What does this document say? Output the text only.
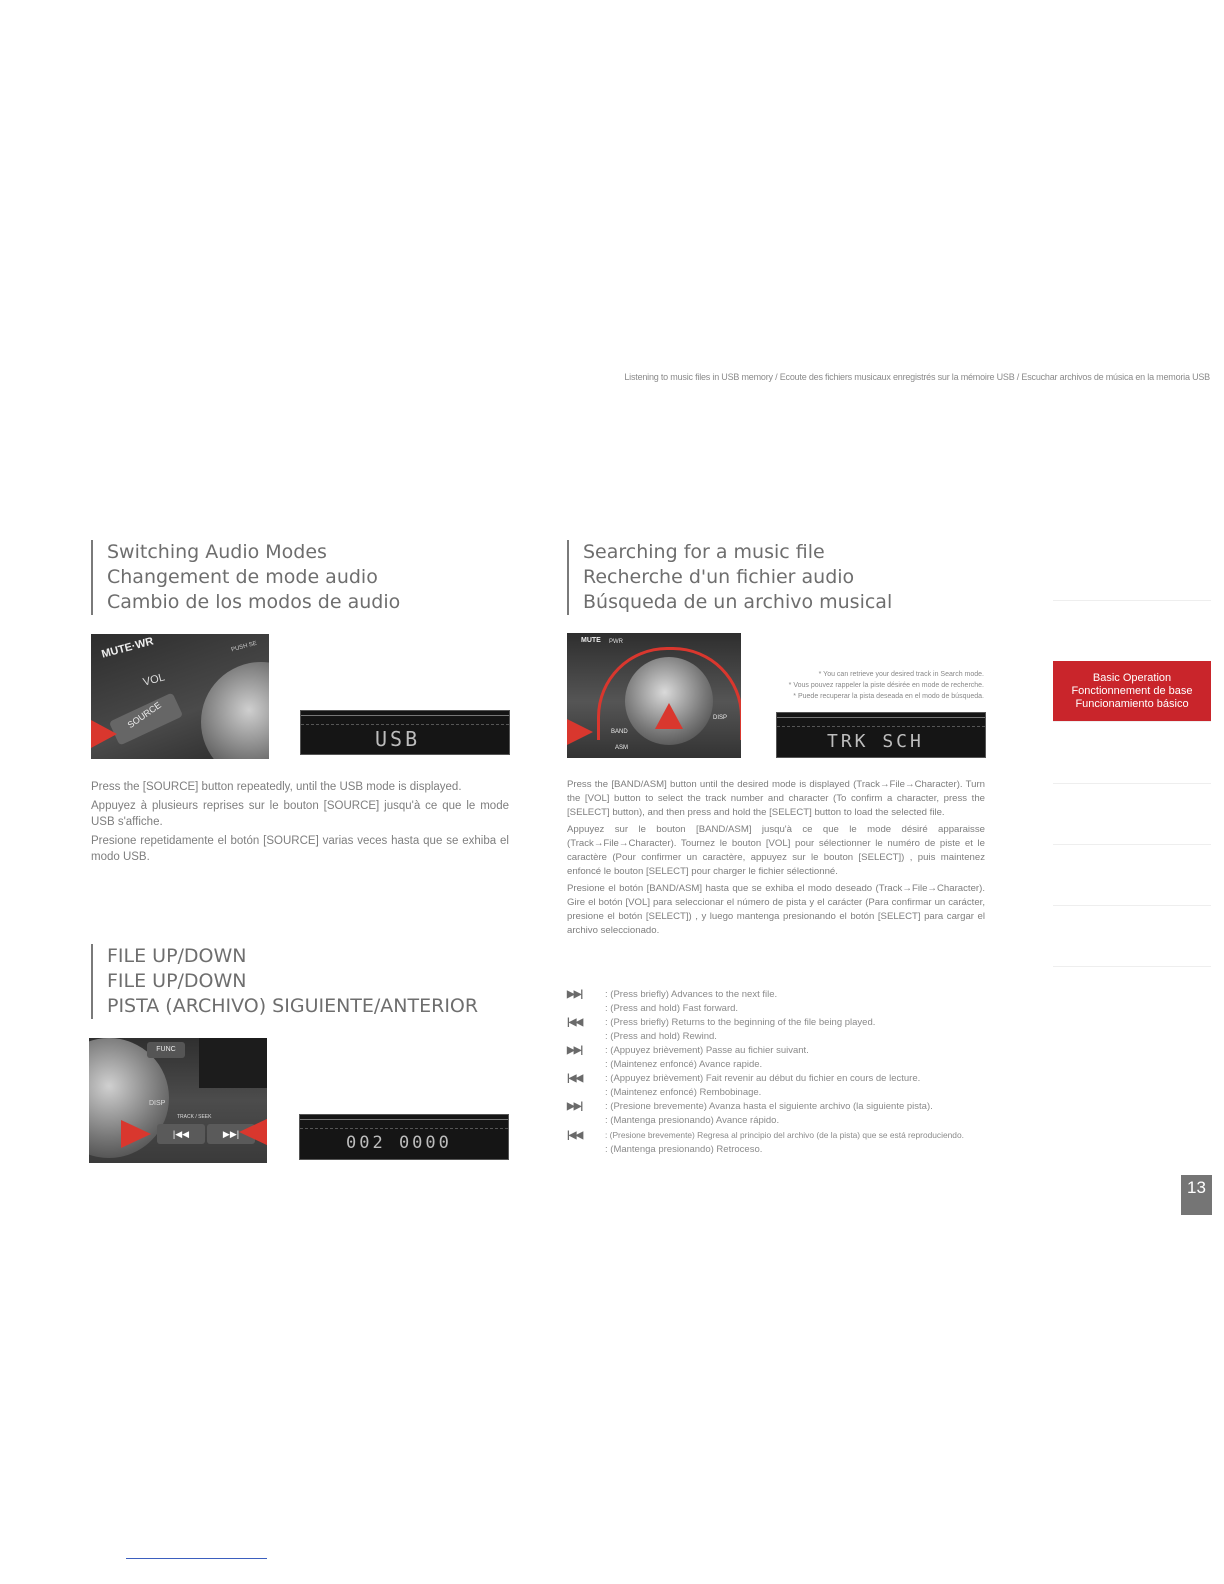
Listening to music files in USB memory / Ecoute des fichiers musicaux enregistrés sur la mémoire USB / Escuchar archivos de música en la memoria USB
Switching Audio Modes
Changement de mode audio
Cambio de los modos de audio
MUTE·WR
VOL
PUSH SE
SOURCE
USB

Press the [SOURCE] button repeatedly, until the USB mode is displayed.

Appuyez à plusieurs reprises sur le bouton [SOURCE] jusqu'à ce que le mode USB s'affiche.

Presione repetidamente el botón [SOURCE] varias veces hasta que se exhiba el modo USB.

FILE UP/DOWN
FILE UP/DOWN
PISTA (ARCHIVO) SIGUIENTE/ANTERIOR
FUNC
DISP
TRACK / SEEK
|◀◀	▶▶|	002 0000
Searching for a music file
Recherche d'un fichier audio
Búsqueda de un archivo musical
MUTE PWR
BAND
ASM
DISP
* You can retrieve your desired track in Search mode.
* Vous pouvez rappeler la piste désirée en mode de recherche.
* Puede recuperar la pista deseada en el modo de búsqueda.
TRK SCH

Press the [BAND/ASM] button until the desired mode is displayed (Track→File→Character). Turn the [VOL] button to select the track number and character (To confirm a character, press the [SELECT] button), and then press and hold the [SELECT] button to load the selected file.

Appuyez sur le bouton [BAND/ASM] jusqu'à ce que le mode désiré apparaisse (Track→File→Character). Tournez le bouton [VOL] pour sélectionner le numéro de piste et le caractère (Pour confirmer un caractère, appuyez sur le bouton [SELECT]) , puis maintenez enfoncé le bouton [SELECT] pour charger le fichier sélectionné.

Presione el botón [BAND/ASM] hasta que se exhiba el modo deseado (Track→File→Character). Gire el botón [VOL] para seleccionar el número de pista y el carácter (Para confirmar un carácter, presione el botón [SELECT]) , y luego mantenga presionando el botón [SELECT] para cargar el archivo seleccionado.

▶▶| : (Press briefly) Advances to the next file.
: (Press and hold) Fast forward.
|◀◀ : (Press briefly) Returns to the beginning of the file being played.
: (Press and hold) Rewind.
▶▶| : (Appuyez brièvement) Passe au fichier suivant.
: (Maintenez enfoncé) Avance rapide.
|◀◀ : (Appuyez brièvement) Fait revenir au début du fichier en cours de lecture.
: (Maintenez enfoncé) Rembobinage.
▶▶| : (Presione brevemente) Avanza hasta el siguiente archivo (la siguiente pista).
: (Mantenga presionando) Avance rápido.
|◀◀	: (Presione brevemente) Regresa al principio del archivo (de la pista) que se está reproduciendo.
: (Mantenga presionando) Retroceso.
Basic Operation
Fonctionnement de base
Funcionamiento básico
13
